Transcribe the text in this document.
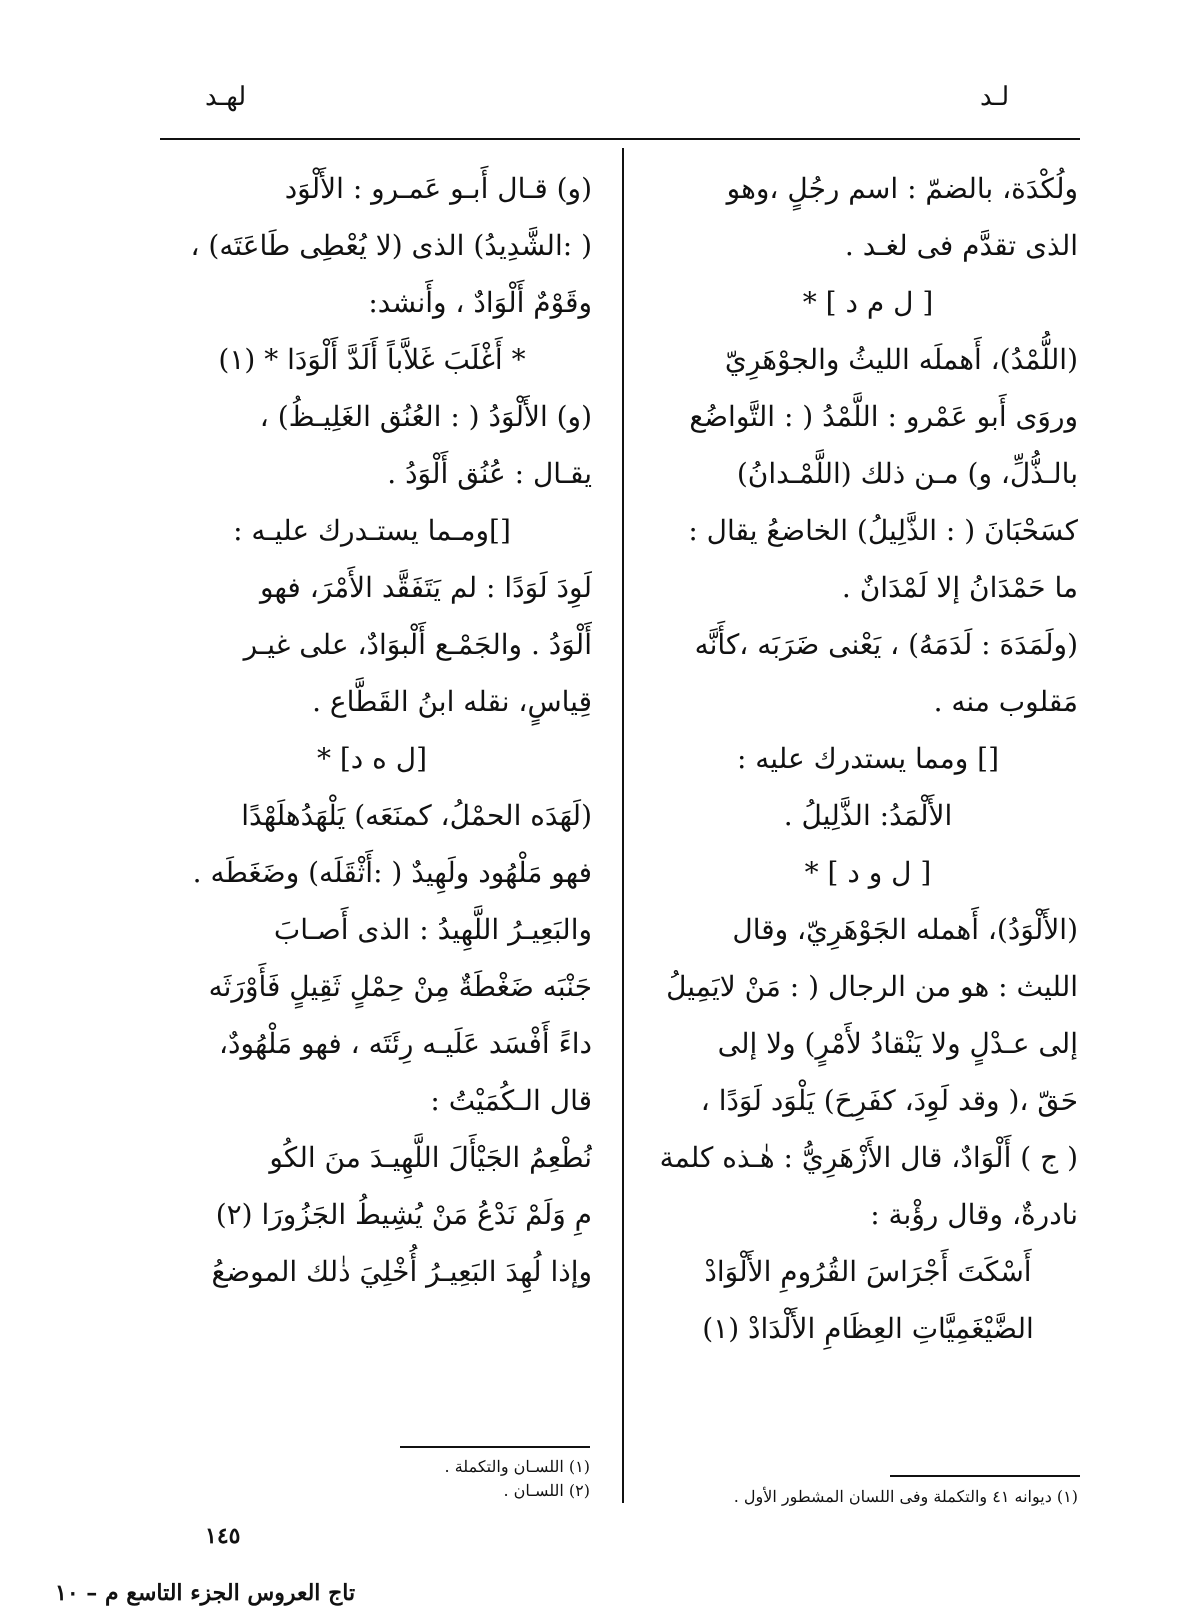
لـد
لهـد
ولُكْدَة، بالضمّ : اسم رجُلٍ ،وهو
الذى تقدَّم فى لغـد .
[ ل م د ] *
(اللُّمْدُ)، أَهملَه الليثُ والجوْهَرِيّ
وروَى أَبو عَمْرو : اللَّمْدُ ( : التَّواضُع
بالـذُّلِّ، و) مـن ذلك (اللَّمْـدانُ)
كسَحْبَانَ ( : الذَّلِيلُ) الخاضعُ يقال :
ما حَمْدَانُ إلا لَمْدَانٌ .
(ولَمَدَهَ : لَدَمَهُ) ، يَعْنى ضَرَبَه ،كأَنَّه
مَقلوب منه .
[] ومما يستدرك عليه :
الأَلْمَدُ: الذَّلِيلُ .
[ ل و د ] *
(الأَلْوَدُ)، أَهمله الجَوْهَرِيّ، وقال
الليث : هو من الرجال ( : مَنْ لايَمِيلُ
إلى عـدْلٍ ولا يَنْقادُ لأَمْرٍ) ولا إلى
حَقّ ،( وقد لَوِدَ، كفَرِحَ) يَلْوَد لَوَدًا ،
( ج ) أَلْوَادٌ، قال الأَزْهَرِيُّ : هٰـذه كلمة
نادرةٌ، وقال رؤْبة :
أَسْكَتَ أَجْرَاسَ القُرُومِ الأَلْوَادْ
الضَّيْغَمِيَّاتِ العِظَامِ الأَلْدَادْ (١)
(و) قـال أَبـو عَمـرو : الأَلْوَد
( :الشَّدِيدُ) الذى (لا يُعْطِى طَاعَتَه) ،
وقَوْمٌ أَلْوَادٌ ، وأَنشد:
* أَغْلَبَ غَلاَّباً أَلَدَّ أَلْوَدَا * (١)
(و) الأَلْوَدُ ( : العُنُق الغَلِيـظُ) ،
يقـال : عُنُق أَلْوَدُ .
[]ومـما يستـدرك عليـه :
لَوِدَ لَوَدًا : لم يَتَفَقَّد الأَمْرَ، فهو
أَلْوَدُ . والجَمْـع أَلْبوَادٌ، على غيـر
قِياسٍ، نقله ابنُ القَطَّاع .
[ل ه د] *
(لَهَدَه الحمْلُ، كمنَعَه) يَلْهَدُهلَهْدًا
فهو مَلْهُود ولَهِيدٌ ( :أَثْقَلَه) وضَغَطَه .
والبَعِيـرُ اللَّهِيدُ : الذى أَصـابَ
جَنْبَه ضَغْطَةٌ مِنْ حِمْلٍ ثَقِيلٍ فَأَوْرَثَه
داءً أَفْسَد عَلَيـه رِئَتَه ، فهو مَلْهُودٌ،
قال الـكُمَيْتُ :
نُطْعِمُ الجَيْأَلَ اللَّهِيـدَ منَ الكُو
مِ وَلَمْ نَدْعُ مَنْ يُشِيطُ الجَزُورَا (٢)
وإذا لُهِدَ البَعِيـرُ أُخْلِيَ ذٰلك الموضعُ
(١) ديوانه ٤١ والتكملة وفى اللسان المشطور الأول .
(١) اللسـان والتكملة .
(٢) اللسـان .
١٤٥
تاج العروس الجزء التاسع م – ١٠
